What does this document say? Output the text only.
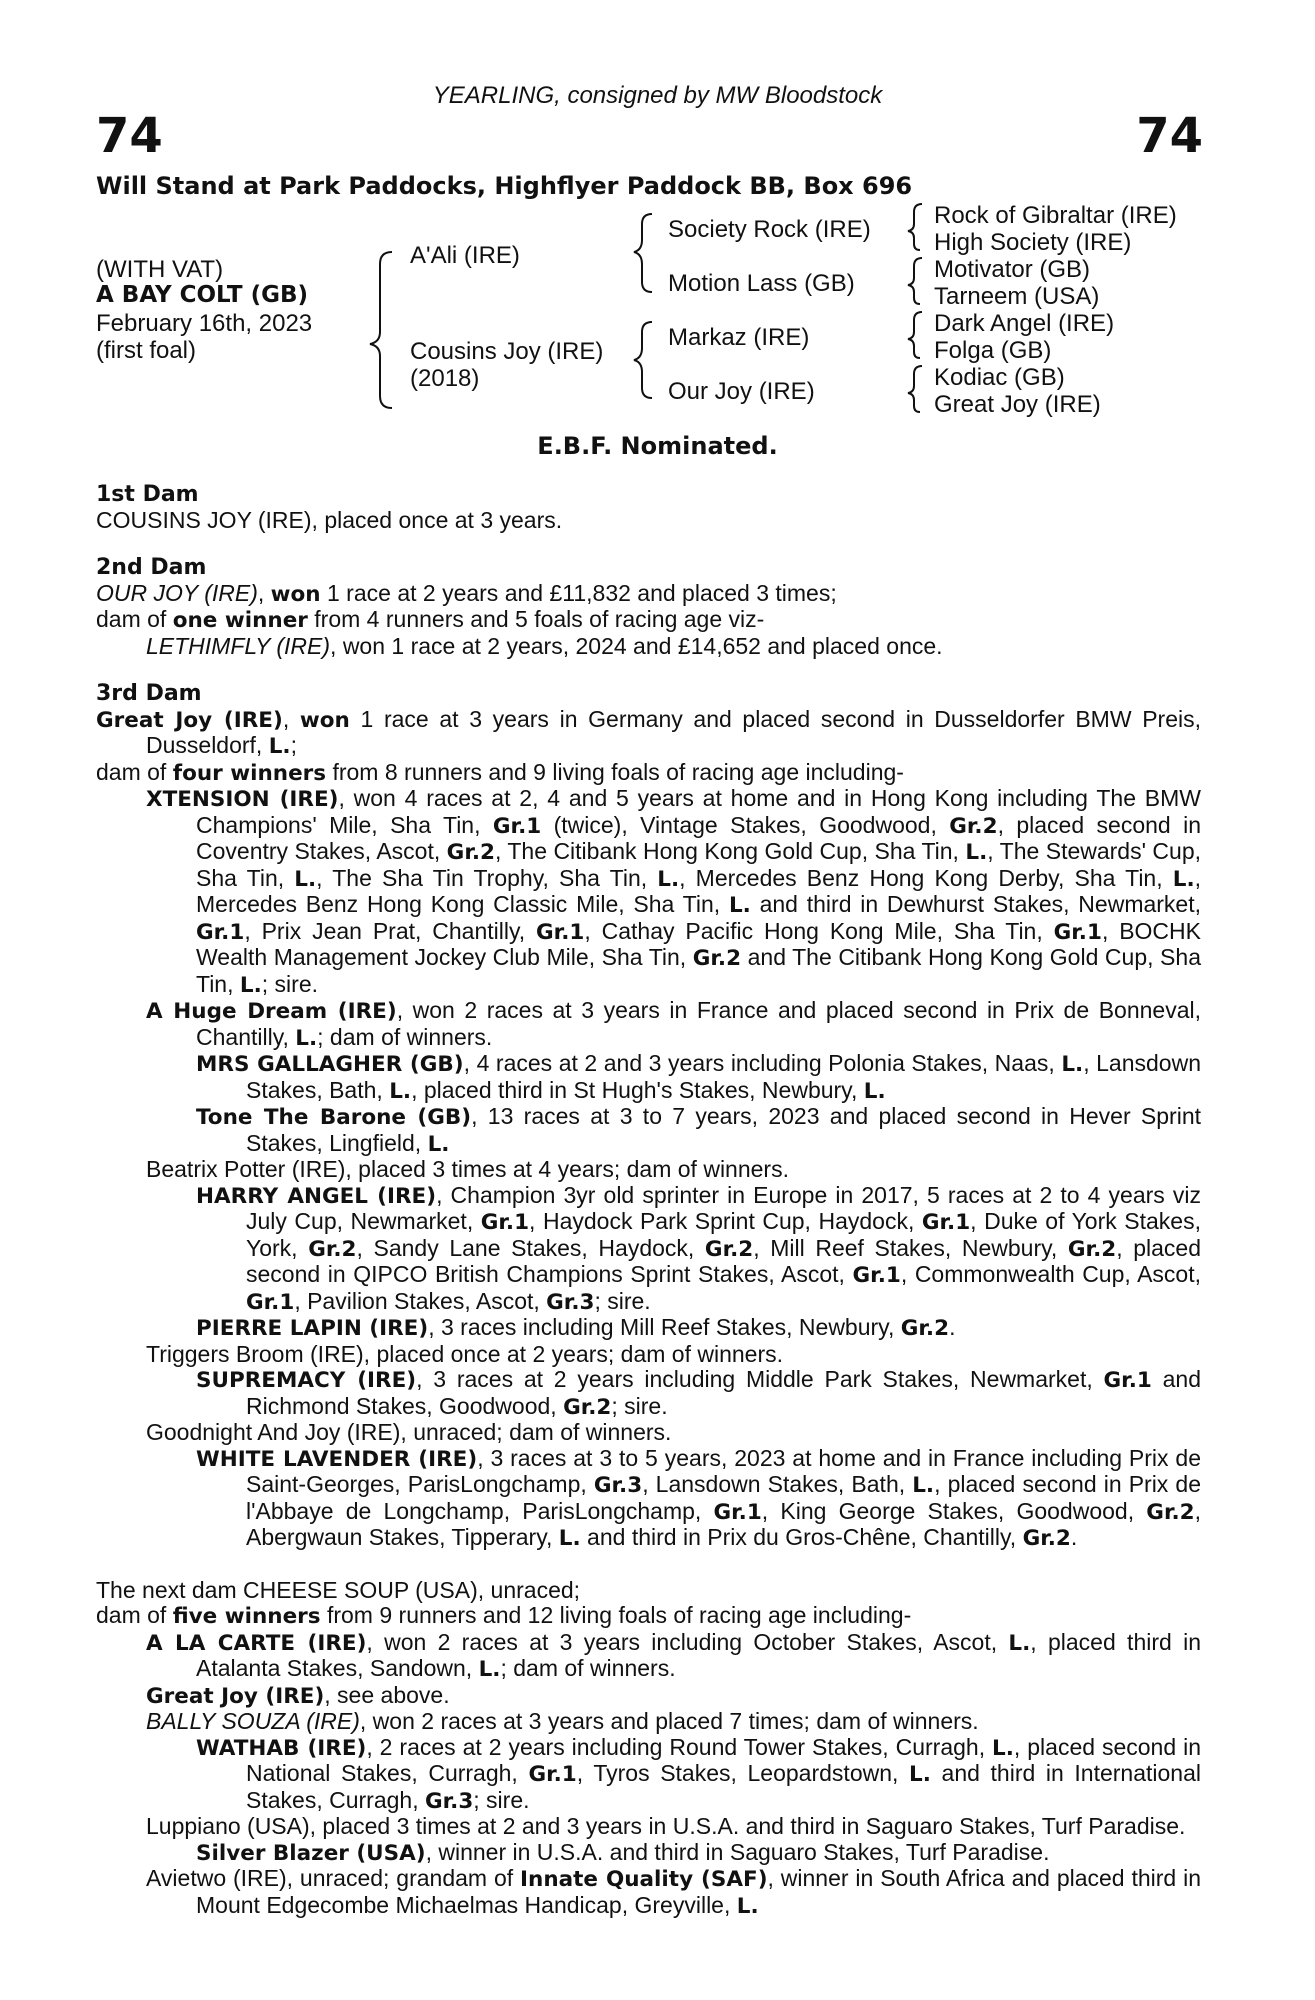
YEARLING, consigned by MW Bloodstock
74	74
Will Stand at Park Paddocks, Highflyer Paddock BB, Box 696
(WITH VAT)
A BAY COLT (GB)
February 16th, 2023
(first foal)
A'Ali (IRE)
Cousins Joy (IRE)
(2018)
Society Rock (IRE)
Motion Lass (GB)
Markaz (IRE)
Our Joy (IRE)
Rock of Gibraltar (IRE)
High Society (IRE)
Motivator (GB)
Tarneem (USA)
Dark Angel (IRE)
Folga (GB)
Kodiac (GB)
Great Joy (IRE)
E.B.F. Nominated.

1st Dam

COUSINS JOY (IRE), placed once at 3 years.

2nd Dam

OUR JOY (IRE), won 1 race at 2 years and £11,832 and placed 3 times;

dam of one winner from 4 runners and 5 foals of racing age viz-

LETHIMFLY (IRE), won 1 race at 2 years, 2024 and £14,652 and placed once.

3rd Dam

Great Joy (IRE), won 1 race at 3 years in Germany and placed second in Dusseldorfer BMW Preis, Dusseldorf, L.;

dam of four winners from 8 runners and 9 living foals of racing age including-

XTENSION (IRE), won 4 races at 2, 4 and 5 years at home and in Hong Kong including The BMW Champions' Mile, Sha Tin, Gr.1 (twice), Vintage Stakes, Goodwood, Gr.2, placed second in Coventry Stakes, Ascot, Gr.2, The Citibank Hong Kong Gold Cup, Sha Tin, L., The Stewards' Cup, Sha Tin, L., The Sha Tin Trophy, Sha Tin, L., Mercedes Benz Hong Kong Derby, Sha Tin, L., Mercedes Benz Hong Kong Classic Mile, Sha Tin, L. and third in Dewhurst Stakes, Newmarket, Gr.1, Prix Jean Prat, Chantilly, Gr.1, Cathay Pacific Hong Kong Mile, Sha Tin, Gr.1, BOCHK Wealth Management Jockey Club Mile, Sha Tin, Gr.2 and The Citibank Hong Kong Gold Cup, Sha Tin, L.; sire.

A Huge Dream (IRE), won 2 races at 3 years in France and placed second in Prix de Bonneval, Chantilly, L.; dam of winners.

MRS GALLAGHER (GB), 4 races at 2 and 3 years including Polonia Stakes, Naas, L., Lansdown Stakes, Bath, L., placed third in St Hugh's Stakes, Newbury, L.

Tone The Barone (GB), 13 races at 3 to 7 years, 2023 and placed second in Hever Sprint Stakes, Lingfield, L.

Beatrix Potter (IRE), placed 3 times at 4 years; dam of winners.

HARRY ANGEL (IRE), Champion 3yr old sprinter in Europe in 2017, 5 races at 2 to 4 years viz July Cup, Newmarket, Gr.1, Haydock Park Sprint Cup, Haydock, Gr.1, Duke of York Stakes, York, Gr.2, Sandy Lane Stakes, Haydock, Gr.2, Mill Reef Stakes, Newbury, Gr.2, placed second in QIPCO British Champions Sprint Stakes, Ascot, Gr.1, Commonwealth Cup, Ascot, Gr.1, Pavilion Stakes, Ascot, Gr.3; sire.

PIERRE LAPIN (IRE), 3 races including Mill Reef Stakes, Newbury, Gr.2.

Triggers Broom (IRE), placed once at 2 years; dam of winners.

SUPREMACY (IRE), 3 races at 2 years including Middle Park Stakes, Newmarket, Gr.1 and Richmond Stakes, Goodwood, Gr.2; sire.

Goodnight And Joy (IRE), unraced; dam of winners.

WHITE LAVENDER (IRE), 3 races at 3 to 5 years, 2023 at home and in France including Prix de Saint-Georges, ParisLongchamp, Gr.3, Lansdown Stakes, Bath, L., placed second in Prix de l'Abbaye de Longchamp, ParisLongchamp, Gr.1, King George Stakes, Goodwood, Gr.2, Abergwaun Stakes, Tipperary, L. and third in Prix du Gros-Chêne, Chantilly, Gr.2.

The next dam CHEESE SOUP (USA), unraced;

dam of five winners from 9 runners and 12 living foals of racing age including-

A LA CARTE (IRE), won 2 races at 3 years including October Stakes, Ascot, L., placed third in Atalanta Stakes, Sandown, L.; dam of winners.

Great Joy (IRE), see above.

BALLY SOUZA (IRE), won 2 races at 3 years and placed 7 times; dam of winners.

WATHAB (IRE), 2 races at 2 years including Round Tower Stakes, Curragh, L., placed second in National Stakes, Curragh, Gr.1, Tyros Stakes, Leopardstown, L. and third in International Stakes, Curragh, Gr.3; sire.

Luppiano (USA), placed 3 times at 2 and 3 years in U.S.A. and third in Saguaro Stakes, Turf Paradise.

Silver Blazer (USA), winner in U.S.A. and third in Saguaro Stakes, Turf Paradise.

Avietwo (IRE), unraced; grandam of Innate Quality (SAF), winner in South Africa and placed third in Mount Edgecombe Michaelmas Handicap, Greyville, L.
